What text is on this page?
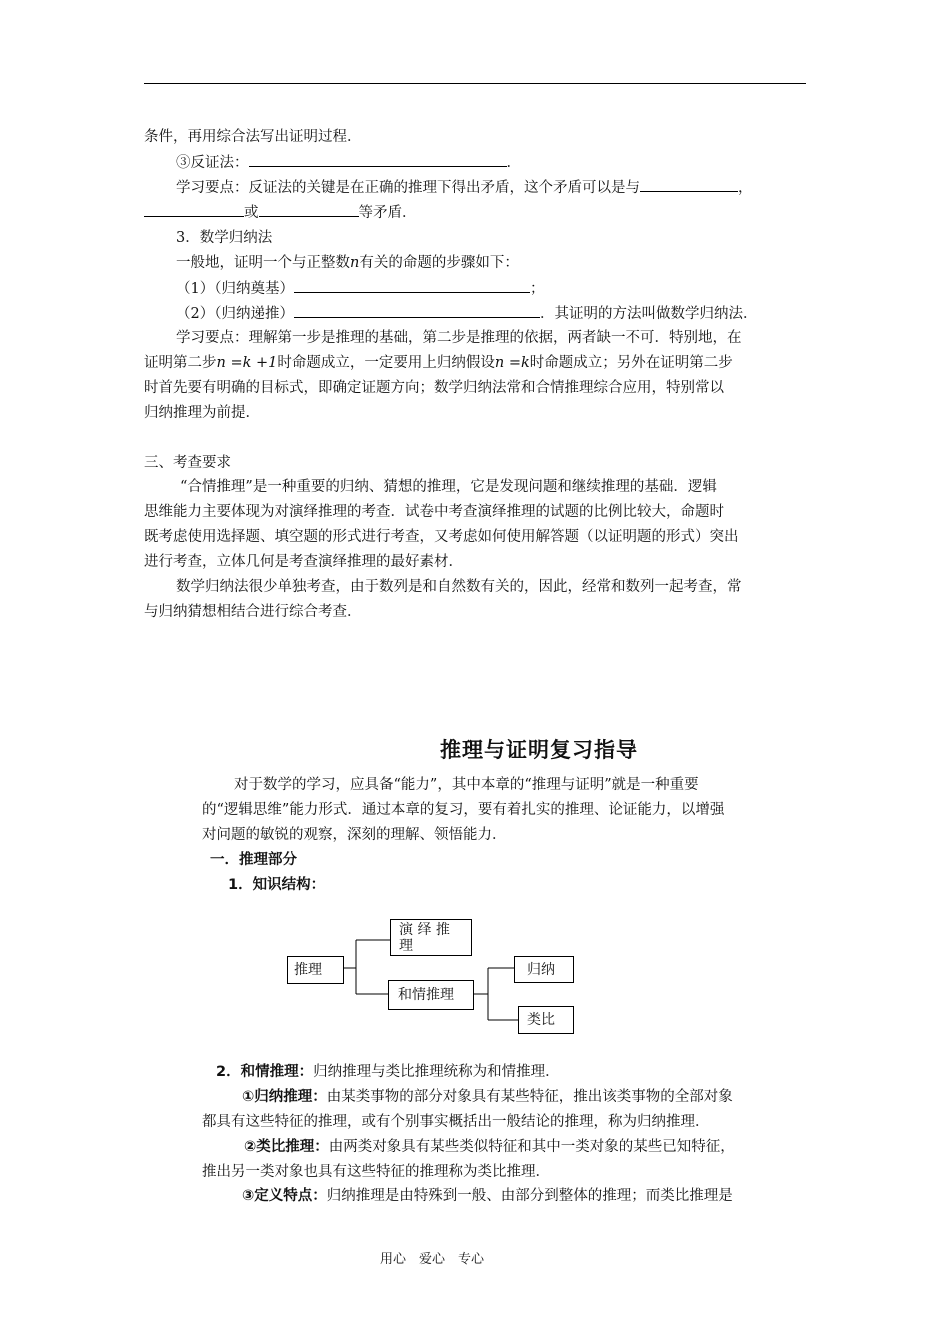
条件，再用综合法写出证明过程．
③反证法：	．
学习要点：反证法的关键是在正确的推理下得出矛盾，这个矛盾可以是与	，
或	等矛盾．
3．数学归纳法
一般地，证明一个与正整数n有关的命题的步骤如下：
（1）（归纳奠基）	；
（2）（归纳递推）	．其证明的方法叫做数学归纳法．
学习要点：理解第一步是推理的基础，第二步是推理的依据，两者缺一不可．特别地，在
证明第二步n =k +1时命题成立，一定要用上归纳假设n =k时命题成立；另外在证明第二步
时首先要有明确的目标式，即确定证题方向；数学归纳法常和合情推理综合应用，特别常以
归纳推理为前提．
三、考查要求
“合情推理”是一种重要的归纳、猜想的推理，它是发现问题和继续推理的基础．逻辑
思维能力主要体现为对演绎推理的考查．试卷中考查演绎推理的试题的比例比较大，命题时
既考虑使用选择题、填空题的形式进行考查，又考虑如何使用解答题（以证明题的形式）突出
进行考查，立体几何是考查演绎推理的最好素材．
数学归纳法很少单独考查，由于数列是和自然数有关的，因此，经常和数列一起考查，常
与归纳猜想相结合进行综合考查．
推理与证明复习指导
对于数学的学习，应具备“能力”，其中本章的“推理与证明”就是一种重要
的“逻辑思维”能力形式．通过本章的复习，要有着扎实的推理、论证能力，以增强
对问题的敏锐的观察，深刻的理解、领悟能力．
一．推理部分
1．知识结构：
推理
演 绎 推 理
和情推理
归纳
类比
2．和情推理：归纳推理与类比推理统称为和情推理．
①归纳推理：由某类事物的部分对象具有某些特征，推出该类事物的全部对象
都具有这些特征的推理，或有个别事实概括出一般结论的推理，称为归纳推理．
②类比推理：由两类对象具有某些类似特征和其中一类对象的某些已知特征，
推出另一类对象也具有这些特征的推理称为类比推理．
③定义特点：归纳推理是由特殊到一般、由部分到整体的推理；而类比推理是
用心　爱心　专心
